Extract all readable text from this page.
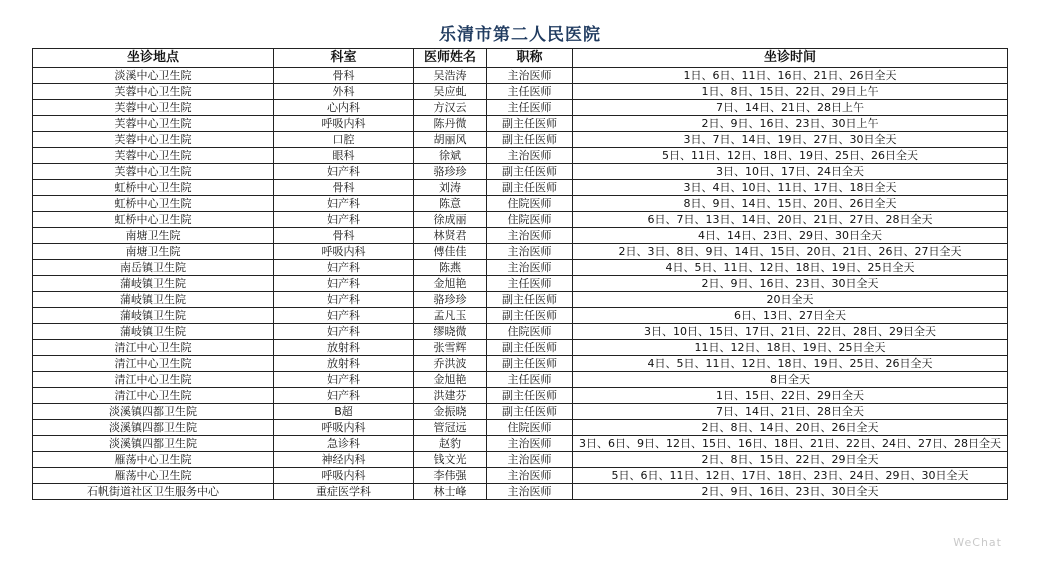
乐清市第二人民医院
坐诊地点	科室	医师姓名	职称	坐诊时间
淡溪中心卫生院	骨科	吴浩涛	主治医师	1日、6日、11日、16日、21日、26日全天
芙蓉中心卫生院	外科	吴应虬	主任医师	1日、8日、15日、22日、29日上午
芙蓉中心卫生院	心内科	方汉云	主任医师	7日、14日、21日、28日上午
芙蓉中心卫生院	呼吸内科	陈丹微	副主任医师	2日、9日、16日、23日、30日上午
芙蓉中心卫生院	口腔	胡丽风	副主任医师	3日、7日、14日、19日、27日、30日全天
芙蓉中心卫生院	眼科	徐斌	主治医师	5日、11日、12日、18日、19日、25日、26日全天
芙蓉中心卫生院	妇产科	骆珍珍	副主任医师	3日、10日、17日、24日全天
虹桥中心卫生院	骨科	刘涛	副主任医师	3日、4日、10日、11日、17日、18日全天
虹桥中心卫生院	妇产科	陈意	住院医师	8日、9日、14日、15日、20日、26日全天
虹桥中心卫生院	妇产科	徐成丽	住院医师	6日、7日、13日、14日、20日、21日、27日、28日全天
南塘卫生院	骨科	林贤君	主治医师	4日、14日、23日、29日、30日全天
南塘卫生院	呼吸内科	傅佳佳	主治医师	2日、3日、8日、9日、14日、15日、20日、21日、26日、27日全天
南岳镇卫生院	妇产科	陈燕	主治医师	4日、5日、11日、12日、18日、19日、25日全天
蒲岐镇卫生院	妇产科	金旭艳	主任医师	2日、9日、16日、23日、30日全天
蒲岐镇卫生院	妇产科	骆珍珍	副主任医师	20日全天
蒲岐镇卫生院	妇产科	孟凡玉	副主任医师	6日、13日、27日全天
蒲岐镇卫生院	妇产科	缪晓微	住院医师	3日、10日、15日、17日、21日、22日、28日、29日全天
清江中心卫生院	放射科	张雪辉	副主任医师	11日、12日、18日、19日、25日全天
清江中心卫生院	放射科	乔洪波	副主任医师	4日、5日、11日、12日、18日、19日、25日、26日全天
清江中心卫生院	妇产科	金旭艳	主任医师	8日全天
清江中心卫生院	妇产科	洪建芬	副主任医师	1日、15日、22日、29日全天
淡溪镇四都卫生院	B超	金振晓	副主任医师	7日、14日、21日、28日全天
淡溪镇四都卫生院	呼吸内科	管冠远	住院医师	2日、8日、14日、20日、26日全天
淡溪镇四都卫生院	急诊科	赵豹	主治医师	3日、6日、9日、12日、15日、16日、18日、21日、22日、24日、27日、28日全天
雁荡中心卫生院	神经内科	钱文光	主治医师	2日、8日、15日、22日、29日全天
雁荡中心卫生院	呼吸内科	李伟强	主治医师	5日、6日、11日、12日、17日、18日、23日、24日、29日、30日全天
石帆街道社区卫生服务中心	重症医学科	林士峰	主治医师	2日、9日、16日、23日、30日全天
WeChat
